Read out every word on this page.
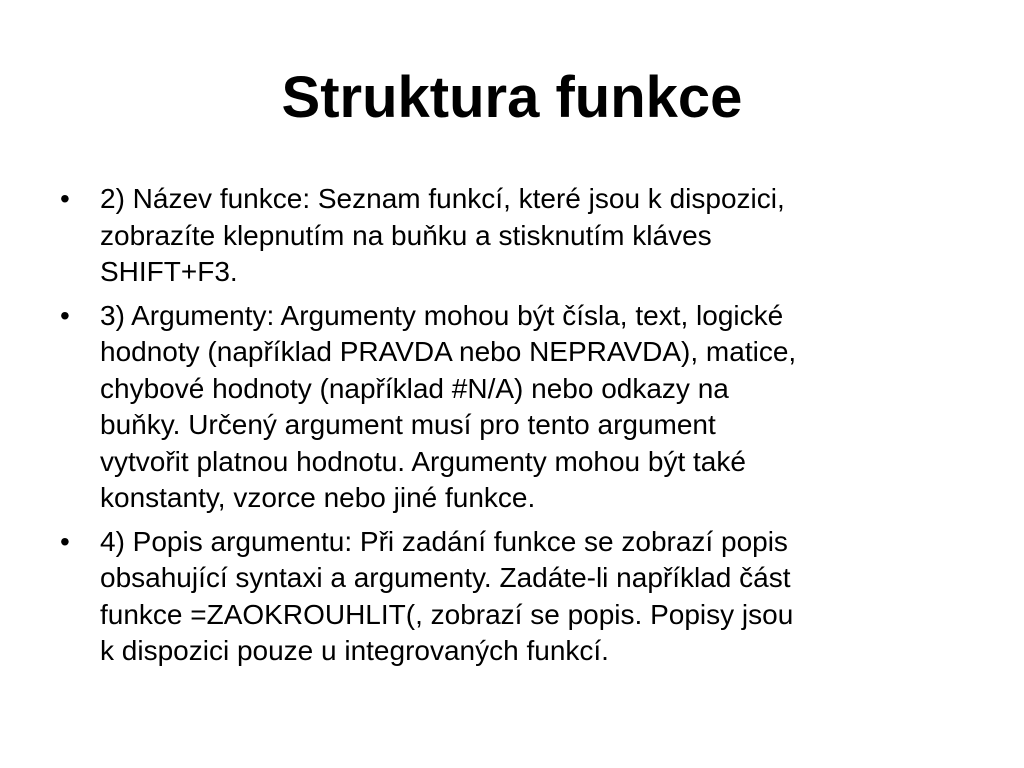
Struktura funkce
•	2) Název funkce: Seznam funkcí, které jsou k dispozici,
zobrazíte klepnutím na buňku a stisknutím kláves
SHIFT+F3.
•	3) Argumenty: Argumenty mohou být čísla, text, logické
hodnoty (například PRAVDA nebo NEPRAVDA), matice,
chybové hodnoty (například #N/A) nebo odkazy na
buňky. Určený argument musí pro tento argument
vytvořit platnou hodnotu. Argumenty mohou být také
konstanty, vzorce nebo jiné funkce.
•	4) Popis argumentu: Při zadání funkce se zobrazí popis
obsahující syntaxi a argumenty. Zadáte-li například část
funkce =ZAOKROUHLIT(, zobrazí se popis. Popisy jsou
k dispozici pouze u integrovaných funkcí.
